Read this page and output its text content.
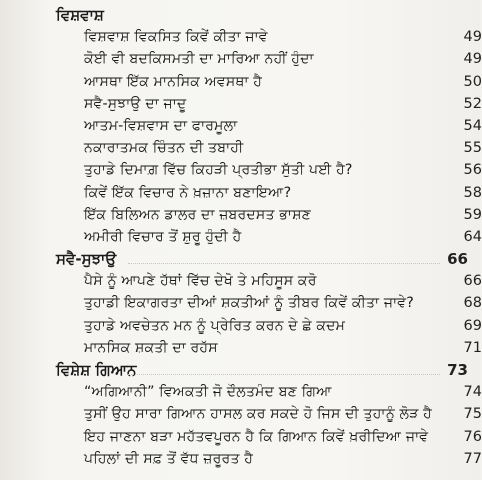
ਵਿਸ਼ਵਾਸ਼
ਵਿਸ਼ਵਾਸ਼ ਵਿਕਸਿਤ ਕਿਵੇਂ ਕੀਤਾ ਜਾਵੇ	49
ਕੋਈ ਵੀ ਬਦਕਿਸਮਤੀ ਦਾ ਮਾਰਿਆ ਨਹੀਂ ਹੁੰਦਾ	49
ਆਸਥਾ ਇੱਕ ਮਾਨਸਿਕ ਅਵਸਥਾ ਹੈ	50
ਸਵੈ-ਸੁਝਾਉ ਦਾ ਜਾਦੂ	52
ਆਤਮ-ਵਿਸ਼ਵਾਸ ਦਾ ਫਾਰਮੂਲਾ	54
ਨਕਾਰਾਤਮਕ ਚਿੰਤਨ ਦੀ ਤਬਾਹੀ	55
ਤੁਹਾਡੇ ਦਿਮਾਗ਼ ਵਿੱਚ ਕਿਹੜੀ ਪ੍ਰਤੀਭਾ ਸੁੱਤੀ ਪਈ ਹੈ?	56
ਕਿਵੇਂ ਇੱਕ ਵਿਚਾਰ ਨੇ ਖ਼ਜ਼ਾਨਾ ਬਣਾਇਆ?	58
ਇੱਕ ਬਿਲਿਅਨ ਡਾਲਰ ਦਾ ਜ਼ਬਰਦਸਤ ਭਾਸ਼ਣ	59
ਅਮੀਰੀ ਵਿਚਾਰ ਤੋਂ ਸ਼ੁਰੂ ਹੁੰਦੀ ਹੈ	64
ਸਵੈ-ਸੁਝਾਉ	66
ਪੈਸੇ ਨੂੰ ਆਪਣੇ ਹੱਥਾਂ ਵਿੱਚ ਦੇਖੋ ਤੇ ਮਹਿਸੂਸ ਕਰੋ	66
ਤੁਹਾਡੀ ਇਕਾਗਰਤਾ ਦੀਆਂ ਸ਼ਕਤੀਆਂ ਨੂੰ ਤੀਬਰ ਕਿਵੇਂ ਕੀਤਾ ਜਾਵੇ?	68
ਤੁਹਾਡੇ ਅਵਚੇਤਨ ਮਨ ਨੂੰ ਪ੍ਰੇਰਿਤ ਕਰਨ ਦੇ ਛੇ ਕਦਮ	69
ਮਾਨਸਿਕ ਸ਼ਕਤੀ ਦਾ ਰਹੱਸ	71
ਵਿਸ਼ੇਸ਼ ਗਿਆਨ	73
“ਅਗਿਆਨੀ” ਵਿਅਕਤੀ ਜੋ ਦੌਲਤਮੰਦ ਬਣ ਗਿਆ	74
ਤੁਸੀਂ ਉਹ ਸਾਰਾ ਗਿਆਨ ਹਾਸਲ ਕਰ ਸਕਦੇ ਹੋ ਜਿਸ ਦੀ ਤੁਹਾਨੂੰ ਲੋੜ ਹੈ 75
ਇਹ ਜਾਣਨਾ ਬੜਾ ਮਹੱਤਵਪੂਰਨ ਹੈ ਕਿ ਗਿਆਨ ਕਿਵੇਂ ਖ਼ਰੀਦਿਆ ਜਾਵੇ 76
ਪਹਿਲਾਂ ਦੀ ਸਫ਼ ਤੋਂ ਵੱਧ ਜ਼ਰੂਰਤ ਹੈ	77
